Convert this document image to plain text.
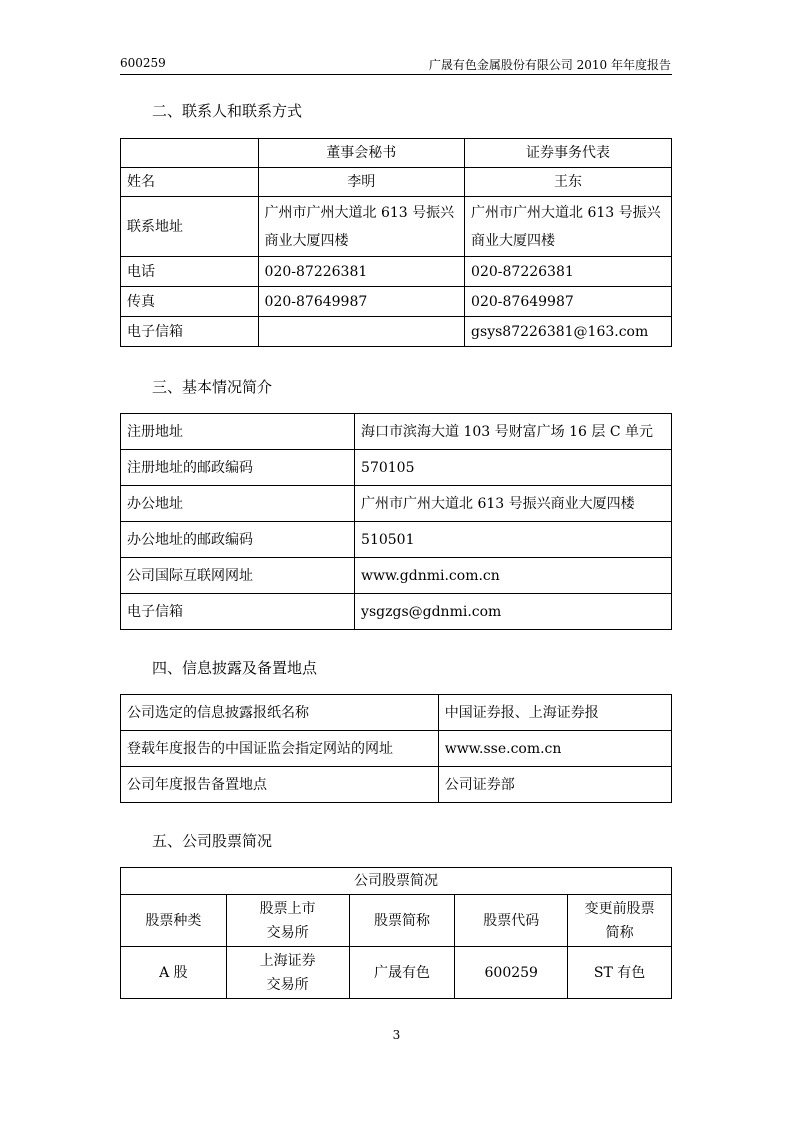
600259	广晟有色金属股份有限公司 2010 年年度报告
二、联系人和联系方式
	董事会秘书	证券事务代表
姓名	李明	王东
联系地址	广州市广州大道北 613 号振兴商业大厦四楼	广州市广州大道北 613 号振兴商业大厦四楼
电话	020-87226381	020-87226381
传真	020-87649987	020-87649987
电子信箱		gsys87226381@163.com
三、基本情况简介
注册地址	海口市滨海大道 103 号财富广场 16 层 C 单元
注册地址的邮政编码	570105
办公地址	广州市广州大道北 613 号振兴商业大厦四楼
办公地址的邮政编码	510501
公司国际互联网网址	www.gdnmi.com.cn
电子信箱	ysgzgs@gdnmi.com
四、信息披露及备置地点
公司选定的信息披露报纸名称	中国证券报、上海证券报
登载年度报告的中国证监会指定网站的网址	www.sse.com.cn
公司年度报告备置地点	公司证券部
五、公司股票简况
公司股票简况				
股票种类	股票上市交易所	股票简称	股票代码	变更前股票简称
A 股	上海证券交易所	广晟有色	600259	ST 有色
3
